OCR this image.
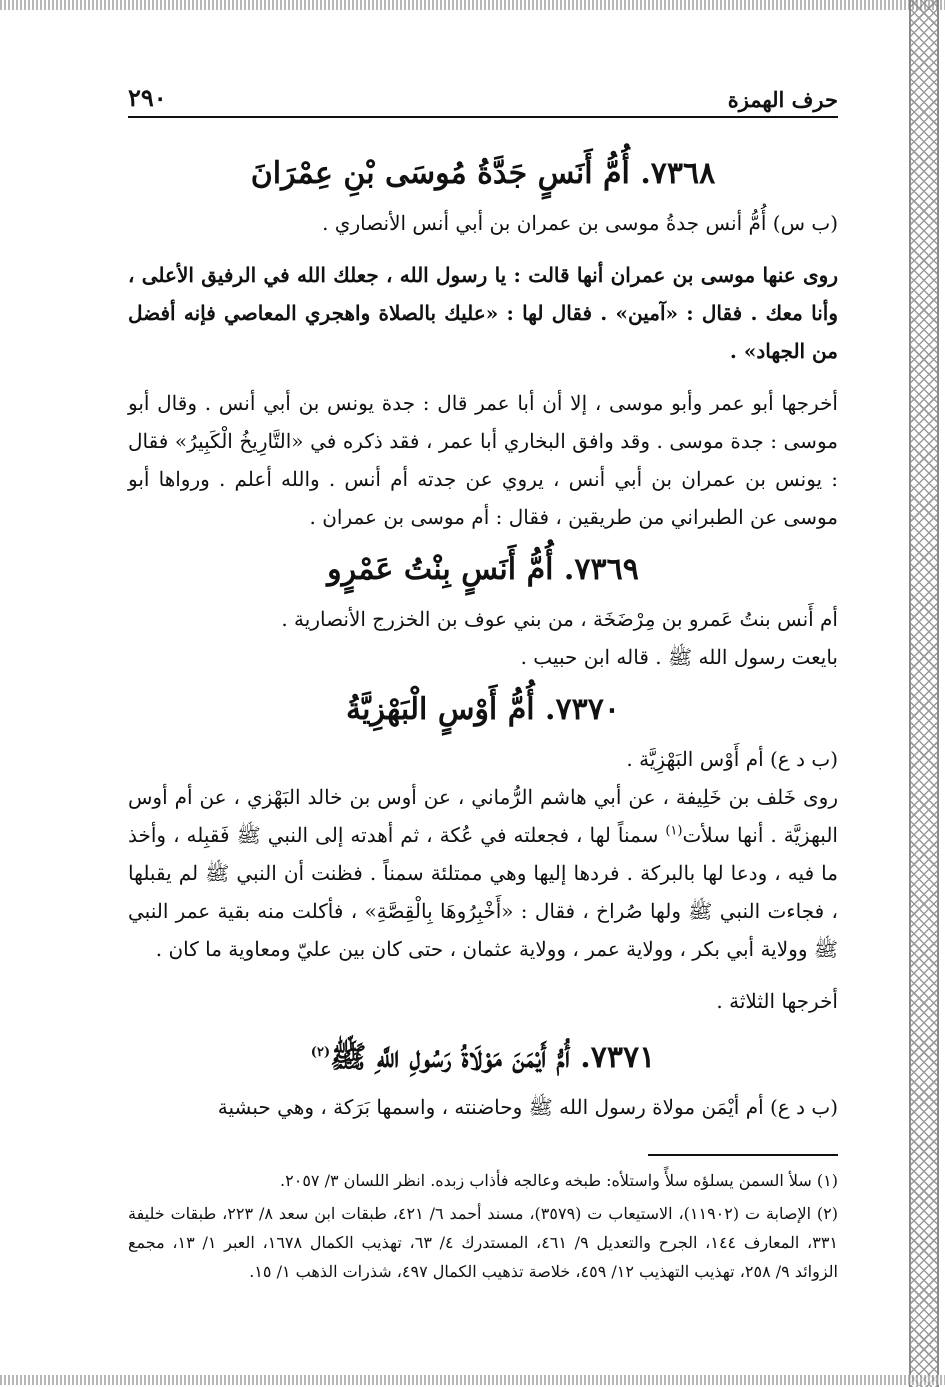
حرف الهمزة
٢٩٠
٧٣٦٨. أُمُّ أَنَسٍ جَدَّةُ مُوسَى بْنِ عِمْرَانَ

(ب س) أُمُّ أنس جدةُ موسى بن عمران بن أبي أنس الأنصاري .

روى عنها موسى بن عمران أنها قالت : يا رسول الله ، جعلك الله في الرفيق الأعلى ، وأنا معك . فقال : «آمين» . فقال لها : «عليك بالصلاة واهجري المعاصي فإنه أفضل من الجهاد» .

أخرجها أبو عمر وأبو موسى ، إلا أن أبا عمر قال : جدة يونس بن أبي أنس . وقال أبو موسى : جدة موسى . وقد وافق البخاري أبا عمر ، فقد ذكره في «التَّارِيخُ الْكَبِيرُ» فقال : يونس بن عمران بن أبي أنس ، يروي عن جدته أم أنس . والله أعلم . ورواها أبو موسى عن الطبراني من طريقين ، فقال : أم موسى بن عمران .

٧٣٦٩. أُمُّ أَنَسٍ بِنْتُ عَمْرٍو

أم أَنس بنتُ عَمرو بن مِرْضَخَة ، من بني عوف بن الخزرج الأنصارية .

بايعت رسول الله ﷺ . قاله ابن حبيب .

٧٣٧٠. أُمُّ أَوْسٍ الْبَهْزِيَّةُ

(ب د ع) أم أَوْس البَهْزِيَّة .

روى خَلف بن خَلِيفة ، عن أبي هاشم الرُّماني ، عن أوس بن خالد البَهْزي ، عن أم أوس البهزيَّة . أنها سلأت$^{(١)}$ سمناً لها ، فجعلته في عُكة ، ثم أهدته إلى النبي ﷺ فَقبِله ، وأخذ ما فيه ، ودعا لها بالبركة . فردها إليها وهي ممتلئة سمناً . فظنت أن النبي ﷺ لم يقبلها ، فجاءت النبي ﷺ ولها صُراخ ، فقال : «أَخْبِرُوهَا بِالْقِصَّةِ» ، فأكلت منه بقية عمر النبي ﷺ وولاية أبي بكر ، وولاية عمر ، وولاية عثمان ، حتى كان بين عليّ ومعاوية ما كان .

أخرجها الثلاثة .

٧٣٧١. أُمُّ أَيْمَنَ مَوْلَاةُ رَسُولِ اللَّهِ ﷺ$^{(٢)}$

(ب د ع) أم أيْمَن مولاة رسول الله ﷺ وحاضنته ، واسمها بَرَكة ، وهي حبشية

(١) سلأ السمن يسلؤه سلأً واستلأه: طبخه وعالجه فأذاب زبده. انظر اللسان ٣/ ٢٠٥٧.

(٢) الإصابة ت (١١٩٠٢)، الاستيعاب ت (٣٥٧٩)، مسند أحمد ٦/ ٤٢١، طبقات ابن سعد ٨/ ٢٢٣، طبقات خليفة ٣٣١، المعارف ١٤٤، الجرح والتعديل ٩/ ٤٦١، المستدرك ٤/ ٦٣، تهذيب الكمال ١٦٧٨، العبر ١/ ١٣، مجمع الزوائد ٩/ ٢٥٨، تهذيب التهذيب ١٢/ ٤٥٩، خلاصة تذهيب الكمال ٤٩٧، شذرات الذهب ١/ ١٥.
